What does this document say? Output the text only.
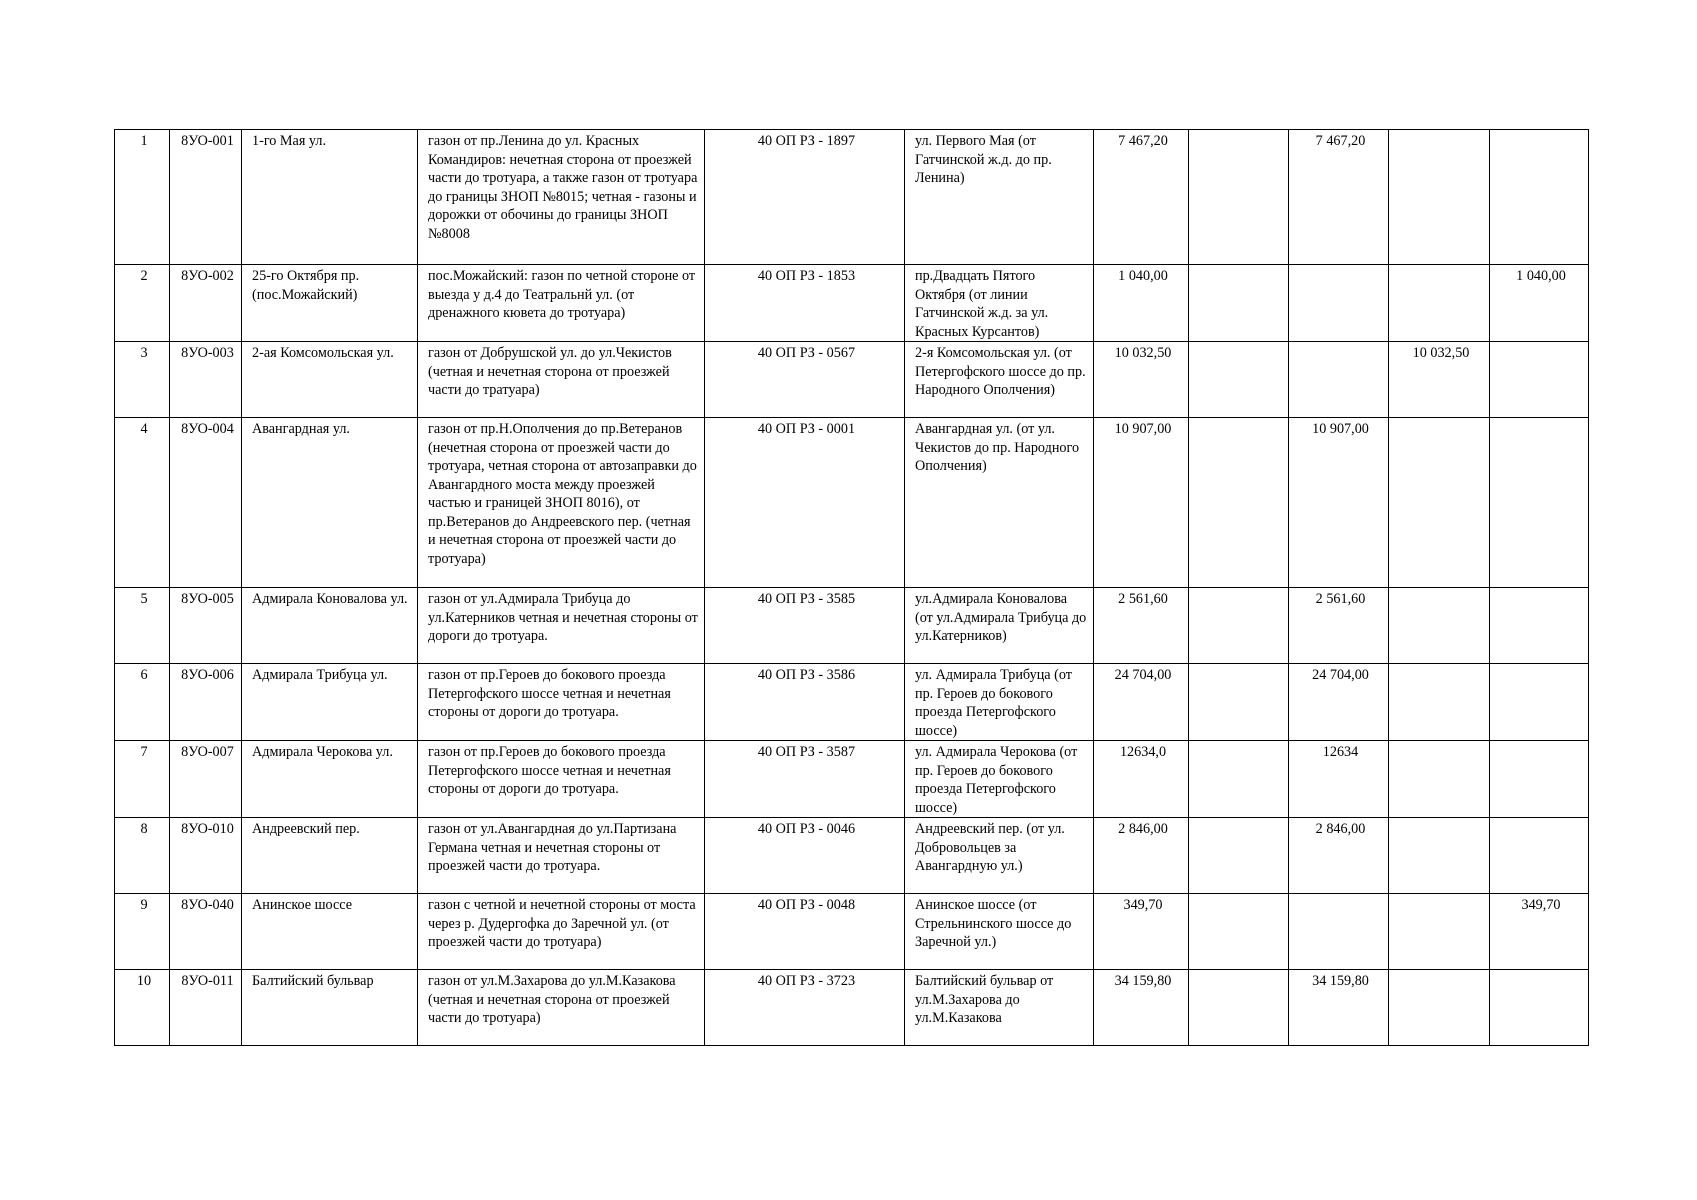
1	8УО-001	1-го Мая ул.	газон от пр.Ленина до ул. Красных Командиров: нечетная сторона от проезжей части до тротуара, а также газон от тротуара до границы ЗНОП №8015; четная - газоны и дорожки от обочины до границы ЗНОП №8008	40 ОП РЗ - 1897	ул. Первого Мая (от Гатчинской ж.д. до пр. Ленина)	7 467,20		7 467,20		
2	8УО-002	25-го Октября пр. (пос.Можайский)	пос.Можайский: газон по четной стороне от выезда у д.4 до Театральнй ул. (от дренажного кювета до тротуара)	40 ОП РЗ - 1853	пр.Двадцать Пятого Октября (от линии Гатчинской ж.д. за ул. Красных Курсантов)	1 040,00				1 040,00
3	8УО-003	2-ая Комсомольская ул.	газон от Добрушской ул. до ул.Чекистов (четная и нечетная сторона от проезжей части до тратуара)	40 ОП РЗ - 0567	2-я Комсомольская ул. (от Петергофского шоссе до пр. Народного Ополчения)	10 032,50			10 032,50	
4	8УО-004	Авангардная ул.	газон от пр.Н.Ополчения до пр.Ветеранов (нечетная сторона от проезжей части до тротуара, четная сторона от автозаправки до Авангардного моста между проезжей частью и границей ЗНОП 8016), от пр.Ветеранов до Андреевского пер. (четная и нечетная сторона от проезжей части до тротуара)	40 ОП РЗ - 0001	Авангардная ул. (от ул. Чекистов до пр. Народного Ополчения)	10 907,00		10 907,00		
5	8УО-005	Адмирала Коновалова ул.	газон от ул.Адмирала Трибуца до ул.Катерников четная и нечетная стороны от дороги до тротуара.	40 ОП РЗ - 3585	ул.Адмирала Коновалова (от ул.Адмирала Трибуца до ул.Катерников)	2 561,60		2 561,60		
6	8УО-006	Адмирала Трибуца ул.	газон от пр.Героев до бокового проезда Петергофского шоссе четная и нечетная стороны от дороги до тротуара.	40 ОП РЗ - 3586	ул. Адмирала Трибуца (от пр. Героев до бокового проезда Петергофского шоссе)	24 704,00		24 704,00		
7	8УО-007	Адмирала Черокова ул.	газон от пр.Героев до бокового проезда Петергофского шоссе четная и нечетная стороны от дороги до тротуара.	40 ОП РЗ - 3587	ул. Адмирала Черокова (от пр. Героев до бокового проезда Петергофского шоссе)	12634,0		12634		
8	8УО-010	Андреевский пер.	газон от ул.Авангардная до ул.Партизана Германа четная и нечетная стороны от проезжей части до тротуара.	40 ОП РЗ - 0046	Андреевский пер. (от ул. Добровольцев за Авангардную ул.)	2 846,00		2 846,00		
9	8УО-040	Анинское шоссе	газон с четной и нечетной стороны от моста через р. Дудергофка до Заречной ул. (от проезжей части до тротуара)	40 ОП РЗ - 0048	Анинское шоссе (от Стрельнинского шоссе до Заречной ул.)	349,70				349,70
10	8УО-011	Балтийский бульвар	газон от ул.М.Захарова до ул.М.Казакова (четная и нечетная сторона от проезжей части до тротуара)	40 ОП РЗ - 3723	Балтийский бульвар от ул.М.Захарова до ул.М.Казакова	34 159,80		34 159,80		
